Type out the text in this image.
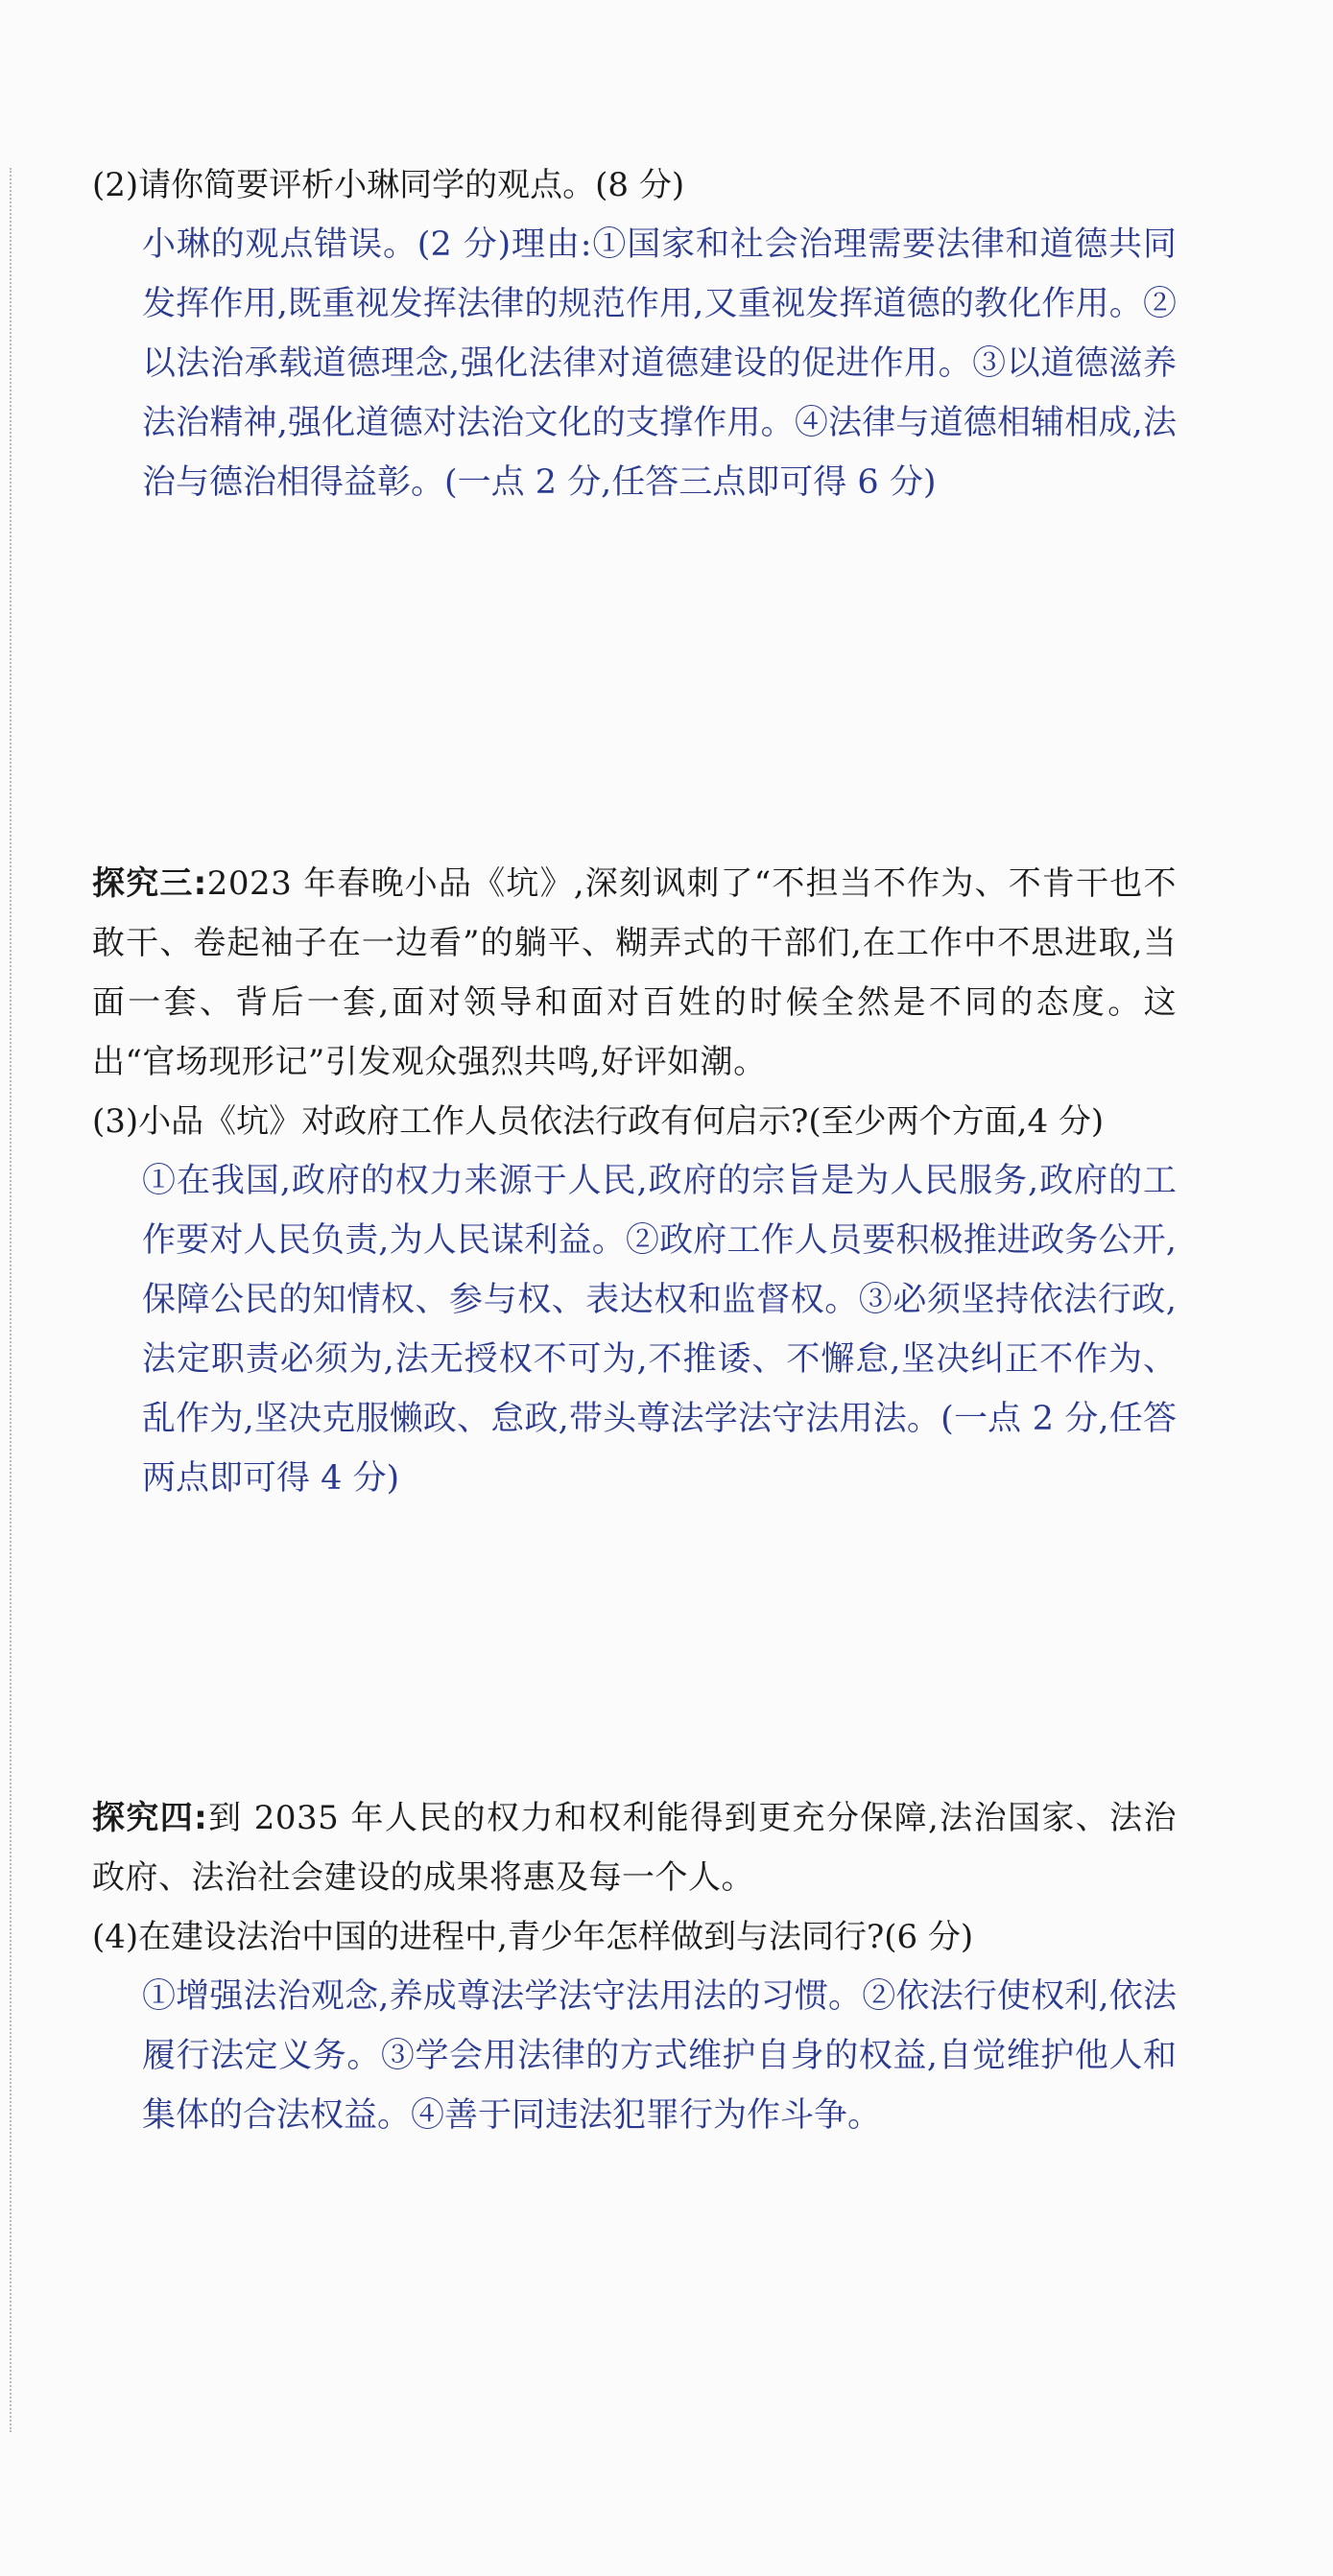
(2)请你简要评析小琳同学的观点。(8 分)
小琳的观点错误。(2 分)理由:①国家和社会治理需要法律和道德共同发挥作用,既重视发挥法律的规范作用,又重视发挥道德的教化作用。②以法治承载道德理念,强化法律对道德建设的促进作用。③以道德滋养法治精神,强化道德对法治文化的支撑作用。④法律与道德相辅相成,法治与德治相得益彰。(一点 2 分,任答三点即可得 6 分)
探究三:2023 年春晚小品《坑》,深刻讽刺了“不担当不作为、不肯干也不敢干、卷起袖子在一边看”的躺平、糊弄式的干部们,在工作中不思进取,当面一套、背后一套,面对领导和面对百姓的时候全然是不同的态度。这出“官场现形记”引发观众强烈共鸣,好评如潮。
(3)小品《坑》对政府工作人员依法行政有何启示?(至少两个方面,4 分)
①在我国,政府的权力来源于人民,政府的宗旨是为人民服务,政府的工作要对人民负责,为人民谋利益。②政府工作人员要积极推进政务公开,保障公民的知情权、参与权、表达权和监督权。③必须坚持依法行政,法定职责必须为,法无授权不可为,不推诿、不懈怠,坚决纠正不作为、乱作为,坚决克服懒政、怠政,带头尊法学法守法用法。(一点 2 分,任答两点即可得 4 分)
探究四:到 2035 年人民的权力和权利能得到更充分保障,法治国家、法治政府、法治社会建设的成果将惠及每一个人。
(4)在建设法治中国的进程中,青少年怎样做到与法同行?(6 分)
①增强法治观念,养成尊法学法守法用法的习惯。②依法行使权利,依法履行法定义务。③学会用法律的方式维护自身的权益,自觉维护他人和集体的合法权益。④善于同违法犯罪行为作斗争。
